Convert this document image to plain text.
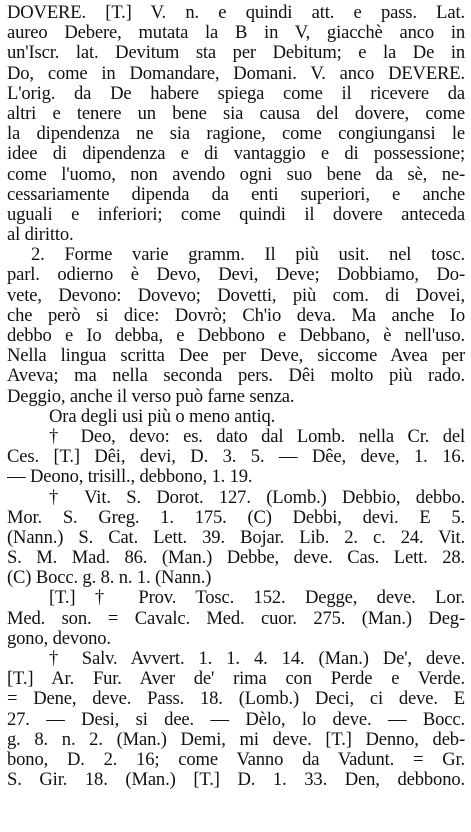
DOVERE. [T.] V. n. e quindi att. e pass. Lat.
aureo Debere, mutata la B in V, giacchè anco in
un'Iscr. lat. Devitum sta per Debitum; e la De in
Do, come in Domandare, Domani. V. anco DEVERE.
L'orig. da De habere spiega come il ricevere da
altri e tenere un bene sia causa del dovere, come
la dipendenza ne sia ragione, come congiungansi le
idee di dipendenza e di vantaggio e di possessione;
come l'uomo, non avendo ogni suo bene da sè, ne-
cessariamente dipenda da enti superiori, e anche
uguali e inferiori; come quindi il dovere anteceda
al diritto.
2. Forme varie gramm. Il più usit. nel tosc.
parl. odierno è Devo, Devi, Deve; Dobbiamo, Do-
vete, Devono: Dovevo; Dovetti, più com. di Dovei,
che però si dice: Dovrò; Ch'io deva. Ma anche Io
debbo e Io debba, e Debbono e Debbano, è nell'uso.
Nella lingua scritta Dee per Deve, siccome Avea per
Aveva; ma nella seconda pers. Dêi molto più rado.
Deggio, anche il verso può farne senza.
Ora degli usi più o meno antiq.
† Deo, devo: es. dato dal Lomb. nella Cr. del
Ces. [T.] Dêi, devi, D. 3. 5. — Dêe, deve, 1. 16.
— Deono, trisill., debbono, 1. 19.
† Vit. S. Dorot. 127. (Lomb.) Debbio, debbo.
Mor. S. Greg. 1. 175. (C) Debbi, devi. E 5.
(Nann.) S. Cat. Lett. 39. Bojar. Lib. 2. c. 24. Vit.
S. M. Mad. 86. (Man.) Debbe, deve. Cas. Lett. 28.
(C) Bocc. g. 8. n. 1. (Nann.)
[T.] † Prov. Tosc. 152. Degge, deve. Lor.
Med. son. = Cavalc. Med. cuor. 275. (Man.) Deg-
gono, devono.
† Salv. Avvert. 1. 1. 4. 14. (Man.) De', deve.
[T.] Ar. Fur. Aver de' rima con Perde e Verde.
= Dene, deve. Pass. 18. (Lomb.) Deci, ci deve. E
27. — Desi, si dee. — Dèlo, lo deve. — Bocc.
g. 8. n. 2. (Man.) Demi, mi deve. [T.] Denno, deb-
bono, D. 2. 16; come Vanno da Vadunt. = Gr.
S. Gir. 18. (Man.) [T.] D. 1. 33. Den, debbono.
